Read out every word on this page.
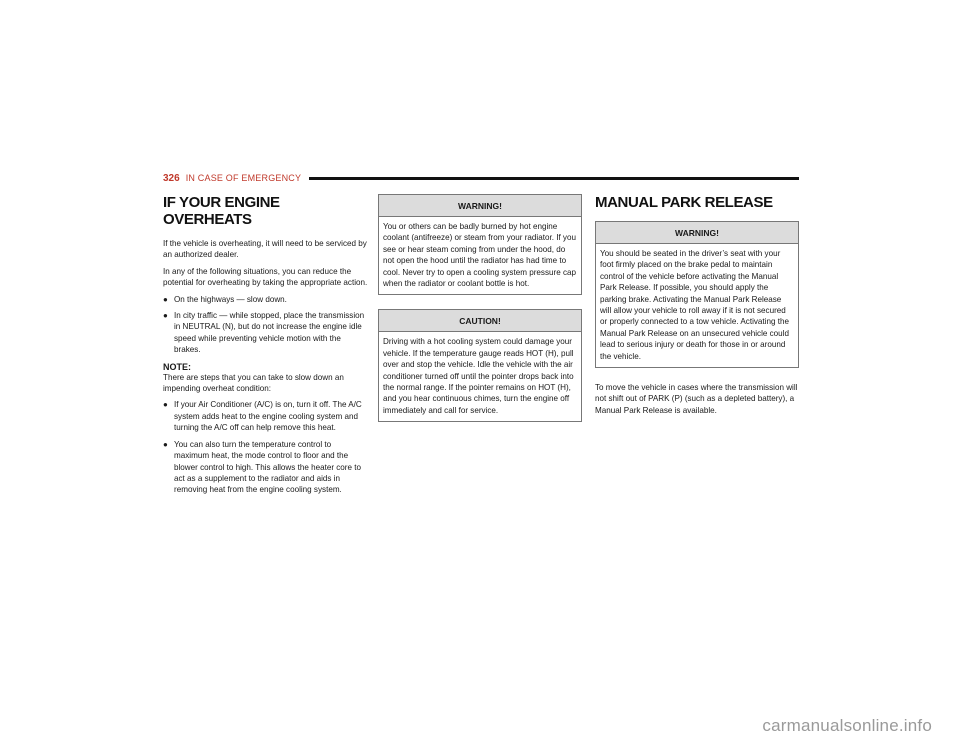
326 IN CASE OF EMERGENCY
IF YOUR ENGINE OVERHEATS

If the vehicle is overheating, it will need to be serviced by an authorized dealer.

In any of the following situations, you can reduce the potential for overheating by taking the appropriate action.

● On the highways — slow down.
● In city traffic — while stopped, place the transmission in NEUTRAL (N), but do not increase the engine idle speed while preventing vehicle motion with the brakes.
NOTE:

There are steps that you can take to slow down an impending overheat condition:

● If your Air Conditioner (A/C) is on, turn it off. The A/C system adds heat to the engine cooling system and turning the A/C off can help remove this heat.
● You can also turn the temperature control to maximum heat, the mode control to floor and the blower control to high. This allows the heater core to act as a supplement to the radiator and aids in removing heat from the engine cooling system.
WARNING!
You or others can be badly burned by hot engine coolant (antifreeze) or steam from your radiator. If you see or hear steam coming from under the hood, do not open the hood until the radiator has had time to cool. Never try to open a cooling system pressure cap when the radiator or coolant bottle is hot.
CAUTION!
Driving with a hot cooling system could damage your vehicle. If the temperature gauge reads HOT (H), pull over and stop the vehicle. Idle the vehicle with the air conditioner turned off until the pointer drops back into the normal range. If the pointer remains on HOT (H), and you hear continuous chimes, turn the engine off immediately and call for service.
MANUAL PARK RELEASE
WARNING!
You should be seated in the driver’s seat with your foot firmly placed on the brake pedal to maintain control of the vehicle before activating the Manual Park Release. If possible, you should apply the parking brake. Activating the Manual Park Release will allow your vehicle to roll away if it is not secured or properly connected to a tow vehicle. Activating the Manual Park Release on an unsecured vehicle could lead to serious injury or death for those in or around the vehicle.

To move the vehicle in cases where the transmission will not shift out of PARK (P) (such as a depleted battery), a Manual Park Release is available.

carmanualsonline.info
